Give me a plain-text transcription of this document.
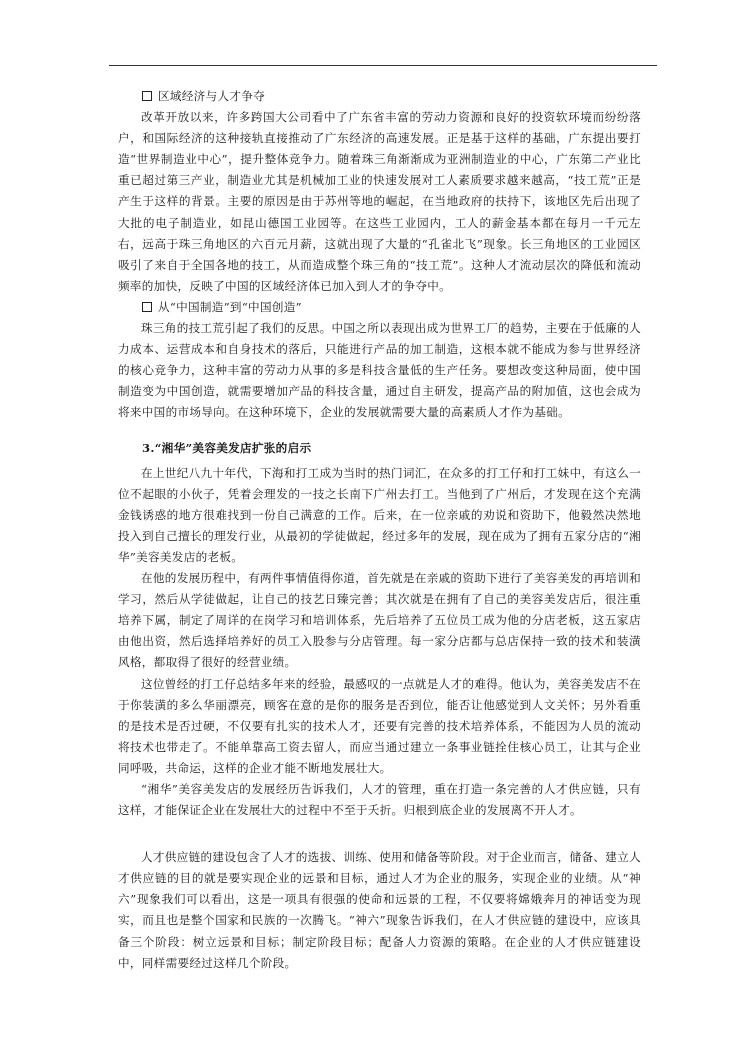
区域经济与人才争夺

改革开放以来，许多跨国大公司看中了广东省丰富的劳动力资源和良好的投资软环境而纷纷落户，和国际经济的这种接轨直接推动了广东经济的高速发展。正是基于这样的基础，广东提出要打造“世界制造业中心”，提升整体竞争力。随着珠三角渐渐成为亚洲制造业的中心，广东第二产业比重已超过第三产业，制造业尤其是机械加工业的快速发展对工人素质要求越来越高，“技工荒”正是产生于这样的背景。主要的原因是由于苏州等地的崛起，在当地政府的扶持下，该地区先后出现了大批的电子制造业，如昆山德国工业园等。在这些工业园内，工人的薪金基本都在每月一千元左右，远高于珠三角地区的六百元月薪，这就出现了大量的“孔雀北飞”现象。长三角地区的工业园区吸引了来自于全国各地的技工，从而造成整个珠三角的“技工荒”。这种人才流动层次的降低和流动频率的加快，反映了中国的区域经济体已加入到人才的争夺中。

从“中国制造”到“中国创造”

珠三角的技工荒引起了我们的反思。中国之所以表现出成为世界工厂的趋势，主要在于低廉的人力成本、运营成本和自身技术的落后，只能进行产品的加工制造，这根本就不能成为参与世界经济的核心竞争力，这种丰富的劳动力从事的多是科技含量低的生产任务。要想改变这种局面，使中国制造变为中国创造，就需要增加产品的科技含量，通过自主研发，提高产品的附加值，这也会成为将来中国的市场导向。在这种环境下，企业的发展就需要大量的高素质人才作为基础。

3.“湘华”美容美发店扩张的启示

在上世纪八九十年代，下海和打工成为当时的热门词汇，在众多的打工仔和打工妹中，有这么一位不起眼的小伙子，凭着会理发的一技之长南下广州去打工。当他到了广州后，才发现在这个充满金钱诱惑的地方很难找到一份自己满意的工作。后来，在一位亲戚的劝说和资助下，他毅然决然地投入到自己擅长的理发行业，从最初的学徒做起，经过多年的发展，现在成为了拥有五家分店的“湘华”美容美发店的老板。

在他的发展历程中，有两件事情值得你道，首先就是在亲戚的资助下进行了美容美发的再培训和学习，然后从学徒做起，让自己的技艺日臻完善；其次就是在拥有了自己的美容美发店后，很注重培养下属，制定了周详的在岗学习和培训体系，先后培养了五位员工成为他的分店老板，这五家店由他出资，然后选择培养好的员工入股参与分店管理。每一家分店都与总店保持一致的技术和装潢风格，都取得了很好的经营业绩。

这位曾经的打工仔总结多年来的经验，最感叹的一点就是人才的难得。他认为，美容美发店不在于你装潢的多么华丽漂亮，顾客在意的是你的服务是否到位，能否让他感觉到人文关怀；另外看重的是技术是否过硬，不仅要有扎实的技术人才，还要有完善的技术培养体系，不能因为人员的流动将技术也带走了。不能单靠高工资去留人，而应当通过建立一条事业链拴住核心员工，让其与企业同呼吸，共命运，这样的企业才能不断地发展壮大。

“湘华”美容美发店的发展经历告诉我们，人才的管理，重在打造一条完善的人才供应链，只有这样，才能保证企业在发展壮大的过程中不至于夭折。归根到底企业的发展离不开人才。

人才供应链的建设包含了人才的选拔、训练、使用和储备等阶段。对于企业而言，储备、建立人才供应链的目的就是要实现企业的远景和目标，通过人才为企业的服务，实现企业的业绩。从“神六”现象我们可以看出，这是一项具有很强的使命和远景的工程，不仅要将嫦娥奔月的神话变为现实，而且也是整个国家和民族的一次腾飞。“神六”现象告诉我们，在人才供应链的建设中，应该具备三个阶段：树立远景和目标；制定阶段目标；配备人力资源的策略。在企业的人才供应链建设中，同样需要经过这样几个阶段。
